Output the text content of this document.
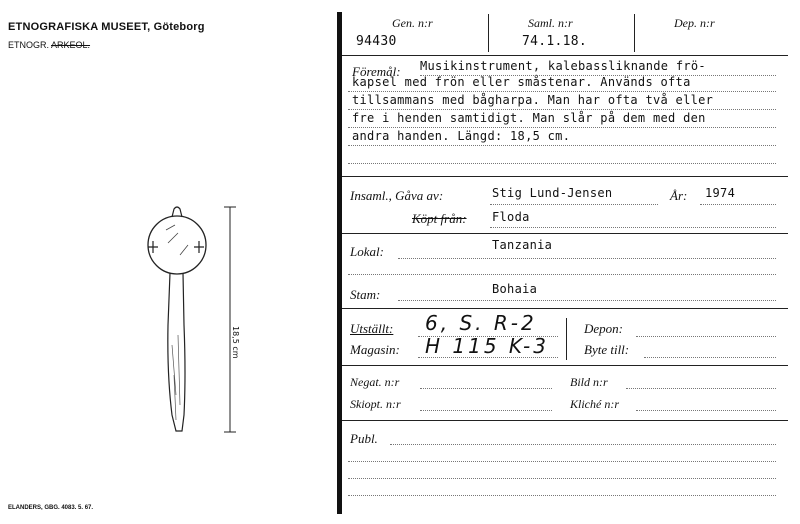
ETNOGRAFISKA MUSEET, Göteborg
ETNOGR. ARKEOL.
18,5 cm
ELANDERS, GBG. 4083. 5. 67.
Gen. n:r
94430
Saml. n:r
74.1.18.
Dep. n:r
Föremål: Musikinstrument, kalebassliknande frö-
kapsel med frön eller småstenar. Används ofta
tillsammans med bågharpa. Man har ofta två eller
fre i henden samtidigt. Man slår på dem med den
andra handen. Längd: 18,5 cm.
Insaml., Gåva av:	Stig Lund-Jensen	År: 1974
Köpt från: Floda
Lokal:	Tanzania
Stam:	Bohaia
Utställt: 6, S. R-2
Magasin: H 115 K-3
Depon:
Byte till:
Negat. n:r	Bild n:r
Skiopt. n:r	Kliché n:r
Publ.
